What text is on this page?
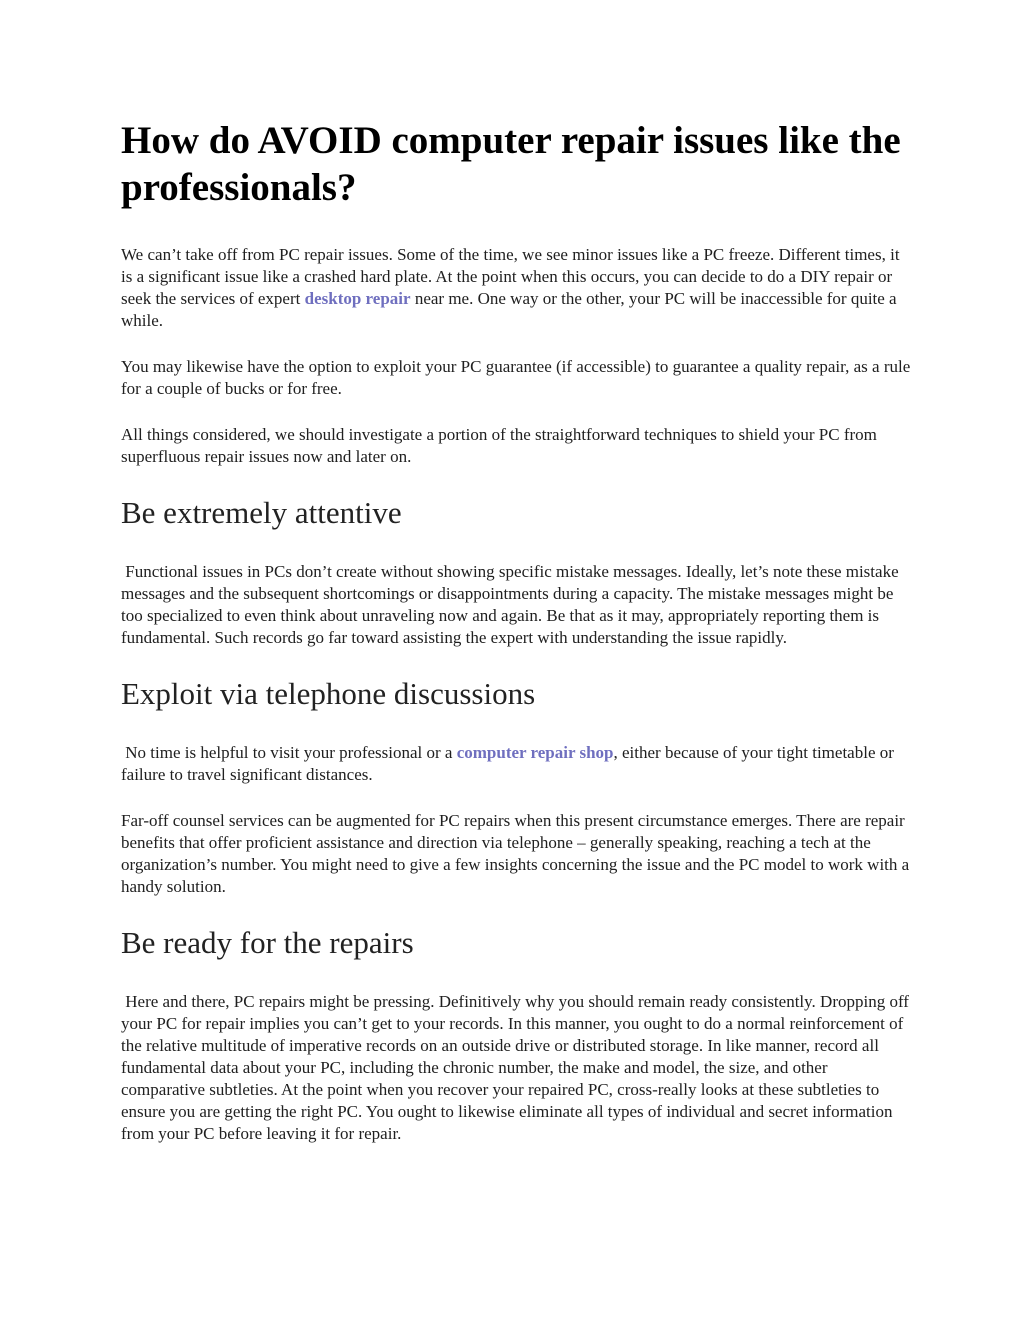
How do AVOID computer repair issues like the professionals?

We can’t take off from PC repair issues. Some of the time, we see minor issues like a PC freeze. Different times, it is a significant issue like a crashed hard plate. At the point when this occurs, you can decide to do a DIY repair or seek the services of expert desktop repair near me. One way or the other, your PC will be inaccessible for quite a while.

You may likewise have the option to exploit your PC guarantee (if accessible) to guarantee a quality repair, as a rule for a couple of bucks or for free.

All things considered, we should investigate a portion of the straightforward techniques to shield your PC from superfluous repair issues now and later on.

Be extremely attentive

Functional issues in PCs don’t create without showing specific mistake messages. Ideally, let’s note these mistake messages and the subsequent shortcomings or disappointments during a capacity. The mistake messages might be too specialized to even think about unraveling now and again. Be that as it may, appropriately reporting them is fundamental. Such records go far toward assisting the expert with understanding the issue rapidly.

Exploit via telephone discussions

No time is helpful to visit your professional or a computer repair shop, either because of your tight timetable or failure to travel significant distances.

Far-off counsel services can be augmented for PC repairs when this present circumstance emerges. There are repair benefits that offer proficient assistance and direction via telephone – generally speaking, reaching a tech at the organization’s number. You might need to give a few insights concerning the issue and the PC model to work with a handy solution.

Be ready for the repairs

Here and there, PC repairs might be pressing. Definitively why you should remain ready consistently. Dropping off your PC for repair implies you can’t get to your records. In this manner, you ought to do a normal reinforcement of the relative multitude of imperative records on an outside drive or distributed storage. In like manner, record all fundamental data about your PC, including the chronic number, the make and model, the size, and other comparative subtleties. At the point when you recover your repaired PC, cross-really looks at these subtleties to ensure you are getting the right PC. You ought to likewise eliminate all types of individual and secret information from your PC before leaving it for repair.
